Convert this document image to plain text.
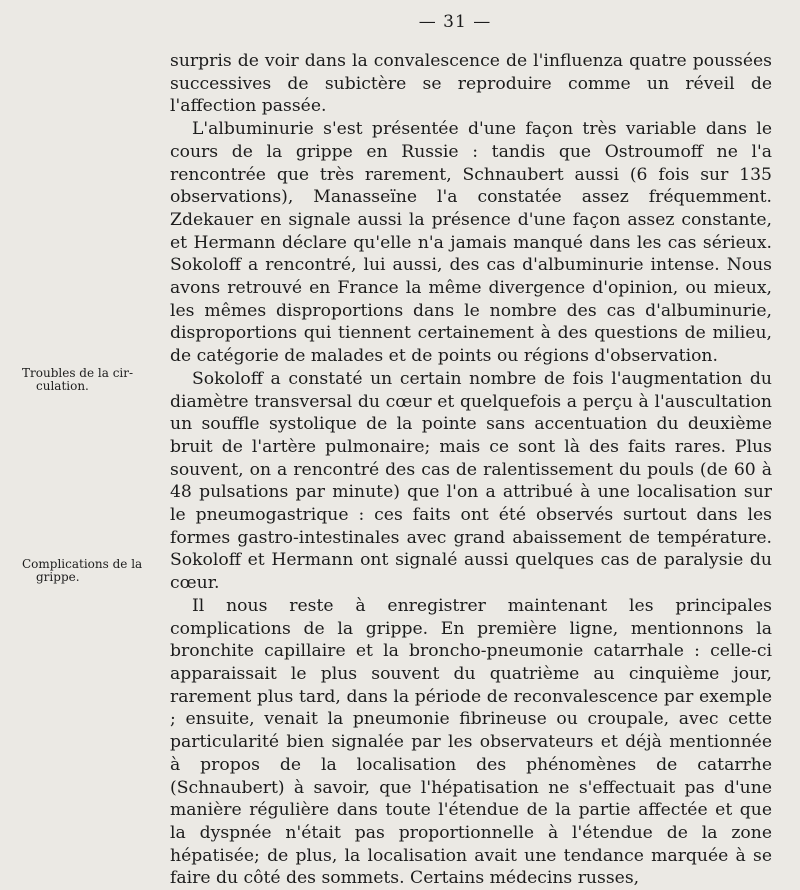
— 31 —
Troubles de la cir-
culation.
Complications de la
grippe.

surpris de voir dans la convalescence de l'influenza quatre poussées successives de subictère se reproduire comme un réveil de l'affection passée.

L'albuminurie s'est présentée d'une façon très variable dans le cours de la grippe en Russie : tandis que Ostroumoff ne l'a rencontrée que très rarement, Schnaubert aussi (6 fois sur 135 observations), Manasseïne l'a constatée assez fréquemment. Zdekauer en signale aussi la présence d'une façon assez constante, et Hermann déclare qu'elle n'a jamais manqué dans les cas sérieux. Sokoloff a rencontré, lui aussi, des cas d'albuminurie intense. Nous avons retrouvé en France la même divergence d'opinion, ou mieux, les mêmes disproportions dans le nombre des cas d'albuminurie, disproportions qui tiennent certainement à des questions de milieu, de catégorie de malades et de points ou régions d'observation.

Sokoloff a constaté un certain nombre de fois l'augmentation du diamètre transversal du cœur et quelquefois a perçu à l'auscultation un souffle systolique de la pointe sans accentuation du deuxième bruit de l'artère pulmonaire; mais ce sont là des faits rares. Plus souvent, on a rencontré des cas de ralentissement du pouls (de 60 à 48 pulsations par minute) que l'on a attribué à une localisation sur le pneumogastrique : ces faits ont été observés surtout dans les formes gastro-intestinales avec grand abaissement de température. Sokoloff et Hermann ont signalé aussi quelques cas de paralysie du cœur.

Il nous reste à enregistrer maintenant les principales complications de la grippe. En première ligne, mentionnons la bronchite capillaire et la broncho-pneumonie catarrhale : celle-ci apparaissait le plus souvent du quatrième au cinquième jour, rarement plus tard, dans la période de reconvalescence par exemple ; ensuite, venait la pneumonie fibrineuse ou croupale, avec cette particularité bien signalée par les observateurs et déjà mentionnée à propos de la localisation des phénomènes de catarrhe (Schnaubert) à savoir, que l'hépatisation ne s'effectuait pas d'une manière régulière dans toute l'étendue de la partie affectée et que la dyspnée n'était pas proportionnelle à l'étendue de la zone hépatisée; de plus, la localisation avait une tendance marquée à se faire du côté des sommets. Certains médecins russes,
